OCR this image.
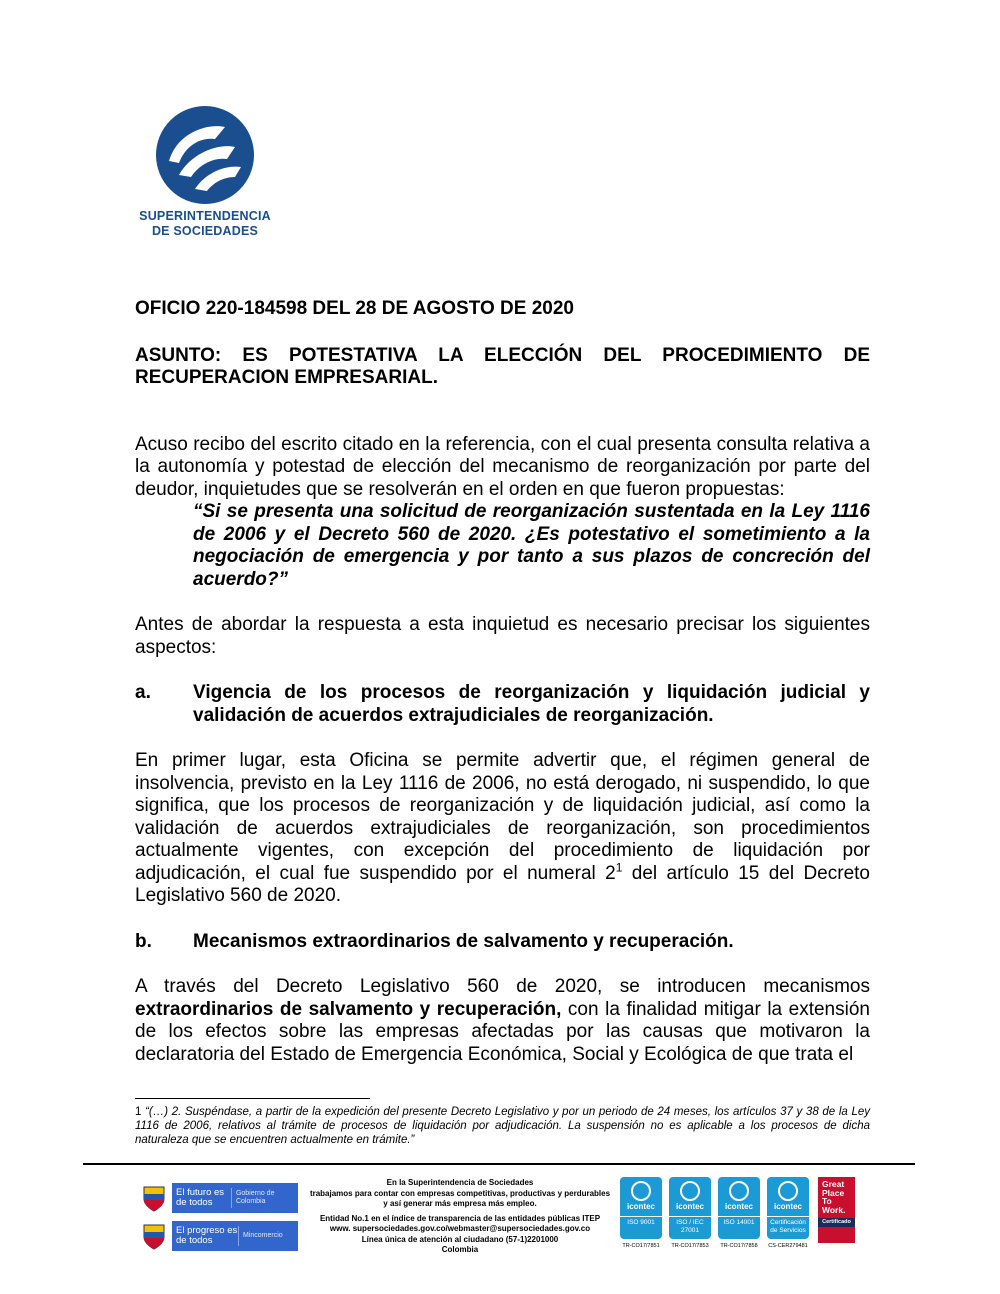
SUPERINTENDENCIA
DE SOCIEDADES

OFICIO 220-184598 DEL 28 DE AGOSTO DE 2020

ASUNTO: ES POTESTATIVA LA ELECCIÓN DEL PROCEDIMIENTO DE RECUPERACION EMPRESARIAL.

Acuso recibo del escrito citado en la referencia, con el cual presenta consulta relativa a la autonomía y potestad de elección del mecanismo de reorganización por parte del deudor, inquietudes que se resolverán en el orden en que fueron propuestas:

“Si se presenta una solicitud de reorganización sustentada en la Ley 1116 de 2006 y el Decreto 560 de 2020. ¿Es potestativo el sometimiento a la negociación de emergencia y por tanto a sus plazos de concreción del acuerdo?”

Antes de abordar la respuesta a esta inquietud es necesario precisar los siguientes aspectos:

a.	Vigencia de los procesos de reorganización y liquidación judicial y validación de acuerdos extrajudiciales de reorganización.

En primer lugar, esta Oficina se permite advertir que, el régimen general de insolvencia, previsto en la Ley 1116 de 2006, no está derogado, ni suspendido, lo que significa, que los procesos de reorganización y de liquidación judicial, así como la validación de acuerdos extrajudiciales de reorganización, son procedimientos actualmente vigentes, con excepción del procedimiento de liquidación por adjudicación, el cual fue suspendido por el numeral $2^1$ del artículo 15 del Decreto Legislativo 560 de 2020.

b.	Mecanismos extraordinarios de salvamento y recuperación.

A través del Decreto Legislativo 560 de 2020, se introducen mecanismos extraordinarios de salvamento y recuperación, con la finalidad mitigar la extensión de los efectos sobre las empresas afectadas por las causas que motivaron la declaratoria del Estado de Emergencia Económica, Social y Ecológica de que trata el

1 “(…) 2. Suspéndase, a partir de la expedición del presente Decreto Legislativo y por un periodo de 24 meses, los artículos 37 y 38 de la Ley 1116 de 2006, relativos al trámite de procesos de liquidación por adjudicación. La suspensión no es aplicable a los procesos de dicha naturaleza que se encuentren actualmente en trámite.”
El futuro es de todos
Gobierno de Colombia
El progreso es de todos	Mincomercio
En la Superintendencia de Sociedades
trabajamos para contar con empresas competitivas, productivas y perdurables
y así generar más empresa más empleo.
Entidad No.1 en el índice de transparencia de las entidades públicas ITEP
www. supersociedades.gov.co/webmaster@supersociedades.gov.co
Línea única de atención al ciudadano (57-1)2201000
Colombia
icontec
ISO 9001
TR-CO17/7851
icontec
ISO / IEC 27001
TR-CO17/7853
icontec
ISO 14001
TR-CO17/7858
icontec
Certificación de Servicios
CS-CER279481
Great
Place
To
Work.
Certificado
